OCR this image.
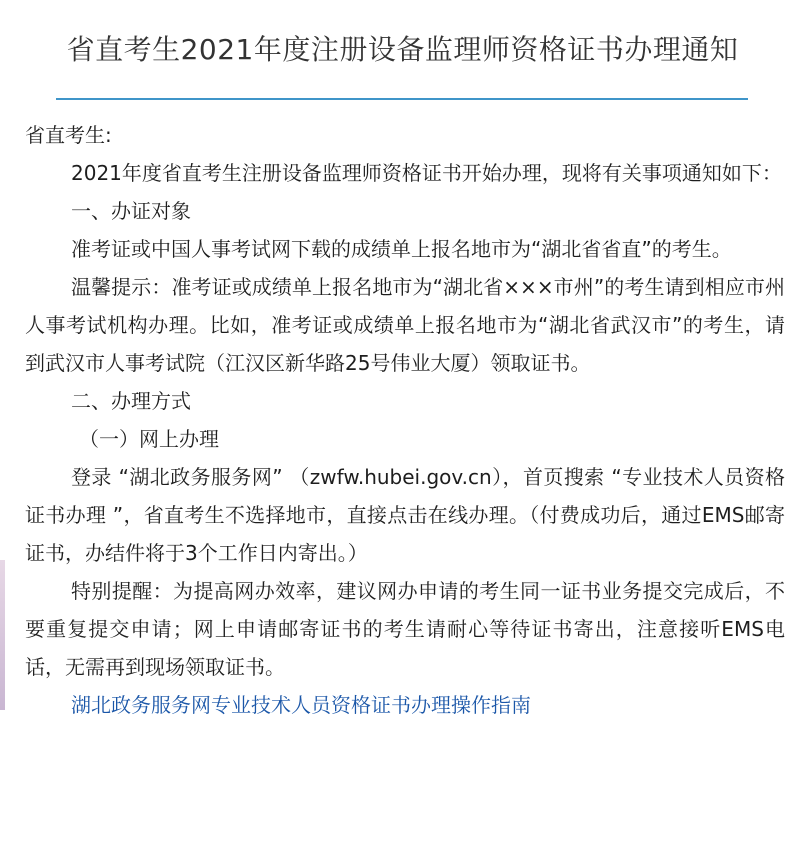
省直考生2021年度注册设备监理师资格证书办理通知

省直考生:

2021年度省直考生注册设备监理师资格证书开始办理，现将有关事项通知如下：

一、办证对象

准考证或中国人事考试网下载的成绩单上报名地市为“湖北省省直”的考生。

温馨提示：准考证或成绩单上报名地市为“湖北省×××市州”的考生请到相应市州人事考试机构办理。比如，准考证或成绩单上报名地市为“湖北省武汉市”的考生，请到武汉市人事考试院（江汉区新华路25号伟业大厦）领取证书。

二、办理方式

（一）网上办理

登录 “湖北政务服务网” （zwfw.hubei.gov.cn），首页搜索 “专业技术人员资格证书办理 ”，省直考生不选择地市，直接点击在线办理。（付费成功后，通过EMS邮寄证书，办结件将于3个工作日内寄出。）

特别提醒：为提高网办效率，建议网办申请的考生同一证书业务提交完成后，不要重复提交申请；网上申请邮寄证书的考生请耐心等待证书寄出，注意接听EMS电话，无需再到现场领取证书。

湖北政务服务网专业技术人员资格证书办理操作指南
